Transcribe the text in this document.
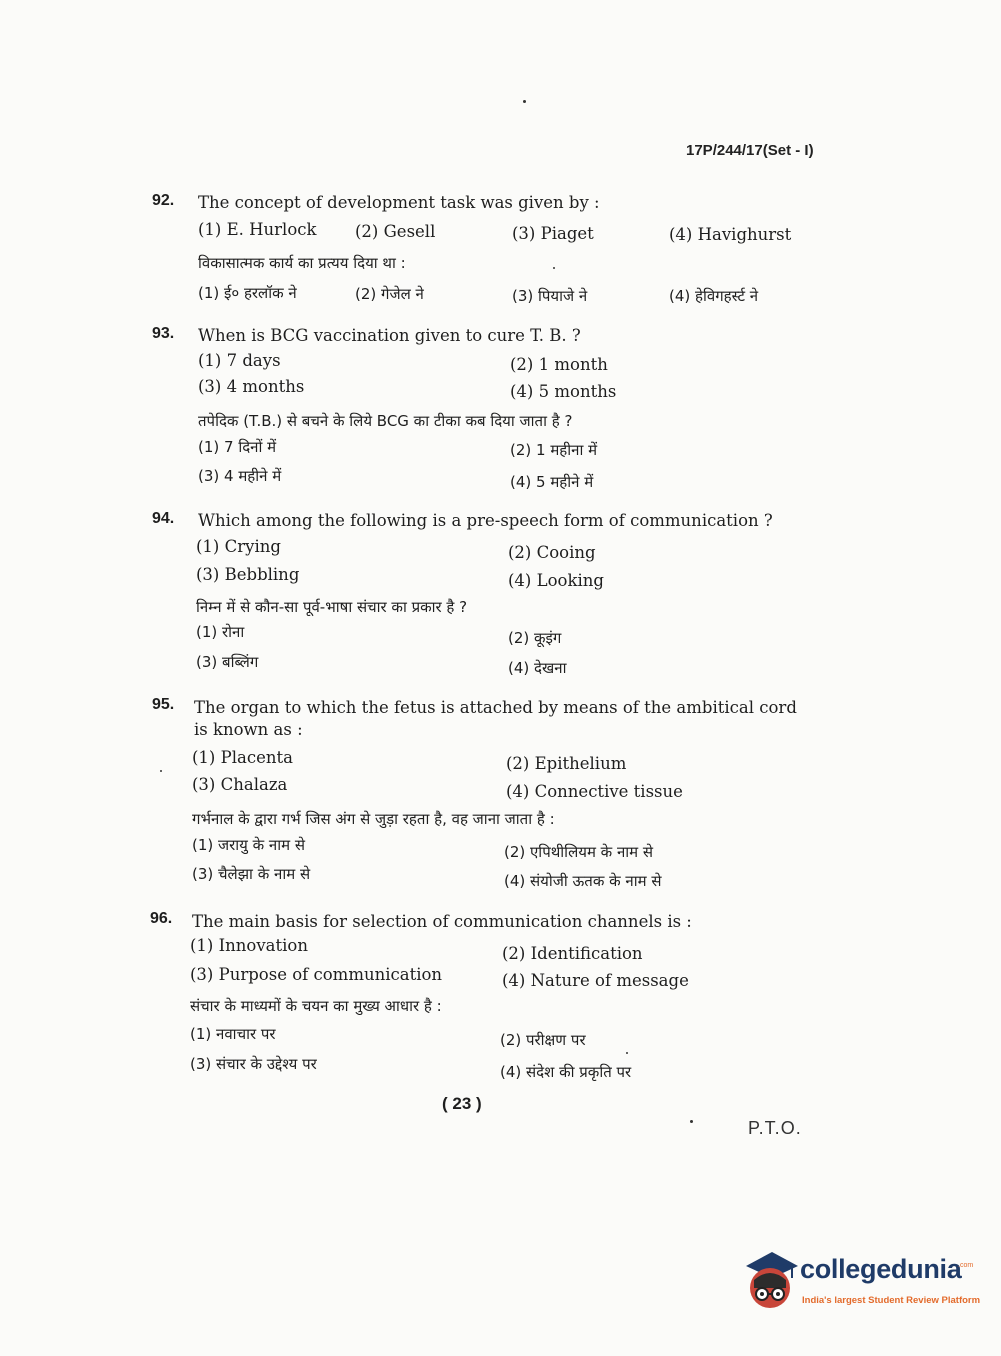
17P/244/17(Set - I)
92. The concept of development task was given by :
(1) E. Hurlock (2) Gesell	(3) Piaget	(4) Havighurst
विकासात्मक कार्य का प्रत्यय दिया था :
(1) ई० हरलॉक ने	(2) गेजेल ने	(3) पियाजे ने	(4) हेविगहर्स्ट ने
93. When is BCG vaccination given to cure T. B. ?
(1) 7 days	(2) 1 month
(3) 4 months	(4) 5 months
तपेदिक (T.B.) से बचने के लिये BCG का टीका कब दिया जाता है ?
(1) 7 दिनों में	(2) 1 महीना में
(3) 4 महीने में	(4) 5 महीने में
94. Which among the following is a pre-speech form of communication ?
(1) Crying	(2) Cooing
(3) Bebbling	(4) Looking
निम्न में से कौन-सा पूर्व-भाषा संचार का प्रकार है ?
(1) रोना	(2) कूइंग
(3) बब्लिंग	(4) देखना
95. The organ to which the fetus is attached by means of the ambitical cord is known as :
(1) Placenta	(2) Epithelium
(3) Chalaza	(4) Connective tissue
गर्भनाल के द्वारा गर्भ जिस अंग से जुड़ा रहता है, वह जाना जाता है :
(1) जरायु के नाम से	(2) एपिथीलियम के नाम से
(3) चैलेझा के नाम से	(4) संयोजी ऊतक के नाम से
96. The main basis for selection of communication channels is :
(1) Innovation	(2) Identification
(3) Purpose of communication	(4) Nature of message
संचार के माध्यमों के चयन का मुख्य आधार है :
(1) नवाचार पर	(2) परीक्षण पर
(3) संचार के उद्देश्य पर	(4) संदेश की प्रकृति पर
( 23 )
P.T.O.
collegedunia
.com
India's largest Student Review Platform
